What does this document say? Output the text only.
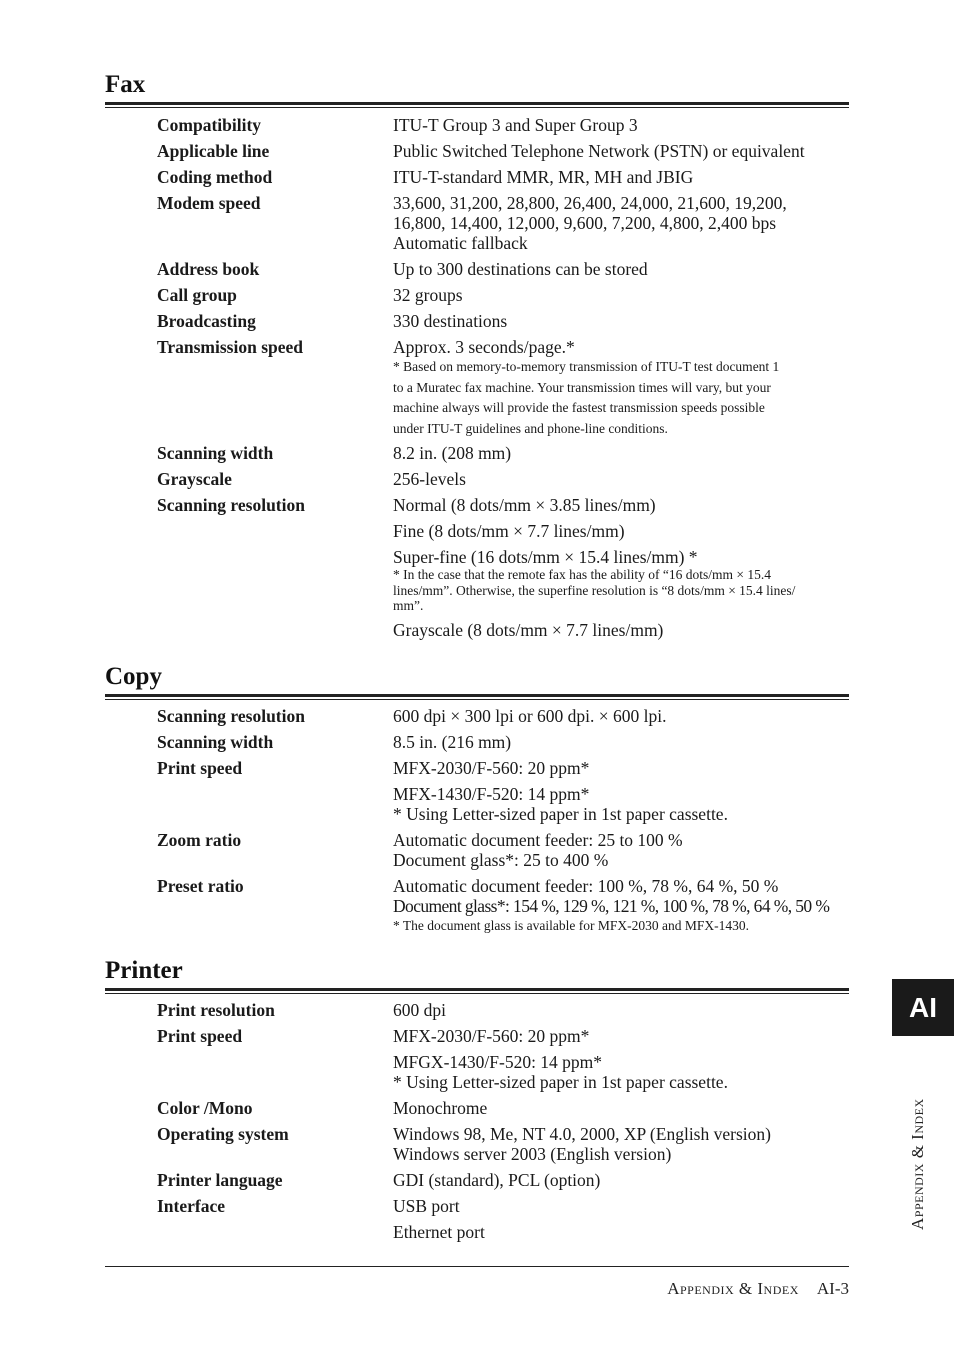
Fax
Compatibility	ITU-T Group 3 and Super Group 3
Applicable line	Public Switched Telephone Network (PSTN) or equivalent
Coding method	ITU-T-standard MMR, MR, MH and JBIG
Modem speed	33,600, 31,200, 28,800, 26,400, 24,000, 21,600, 19,200,
16,800, 14,400, 12,000, 9,600, 7,200, 4,800, 2,400 bps
Automatic fallback
Address book	Up to 300 destinations can be stored
Call group	32 groups
Broadcasting	330 destinations
Transmission speed	Approx. 3 seconds/page.*
* Based on memory-to-memory transmission of ITU-T test document 1
to a Muratec fax machine. Your transmission times will vary, but your
machine always will provide the fastest transmission speeds possible
under ITU-T guidelines and phone-line conditions.
Scanning width	8.2 in. (208 mm)
Grayscale	256-levels
Scanning resolution	Normal (8 dots/mm × 3.85 lines/mm)
Fine (8 dots/mm × 7.7 lines/mm)
Super-fine (16 dots/mm × 15.4 lines/mm) *
* In the case that the remote fax has the ability of “16 dots/mm × 15.4
lines/mm”. Otherwise, the superfine resolution is “8 dots/mm × 15.4 lines/
mm”.
Grayscale (8 dots/mm × 7.7 lines/mm)
Copy
Scanning resolution	600 dpi × 300 lpi or 600 dpi. × 600 lpi.
Scanning width	8.5 in. (216 mm)
Print speed	MFX-2030/F-560: 20 ppm*
MFX-1430/F-520: 14 ppm*
* Using Letter-sized paper in 1st paper cassette.
Zoom ratio	Automatic document feeder: 25 to 100 %
Document glass*: 25 to 400 %
Preset ratio	Automatic document feeder: 100 %, 78 %, 64 %, 50 %
Document glass*: 154 %, 129 %, 121 %, 100 %, 78 %, 64 %, 50 %
* The document glass is available for MFX-2030 and MFX-1430.
Printer
Print resolution	600 dpi
Print speed	MFX-2030/F-560: 20 ppm*
MFGX-1430/F-520: 14 ppm*
* Using Letter-sized paper in 1st paper cassette.
Color /Mono	Monochrome
Operating system	Windows 98, Me, NT 4.0, 2000, XP (English version)
Windows server 2003 (English version)
Printer language	GDI (standard), PCL (option)
Interface	USB port
Ethernet port
AI
Appendix & Index
Appendix & Index AI-3
